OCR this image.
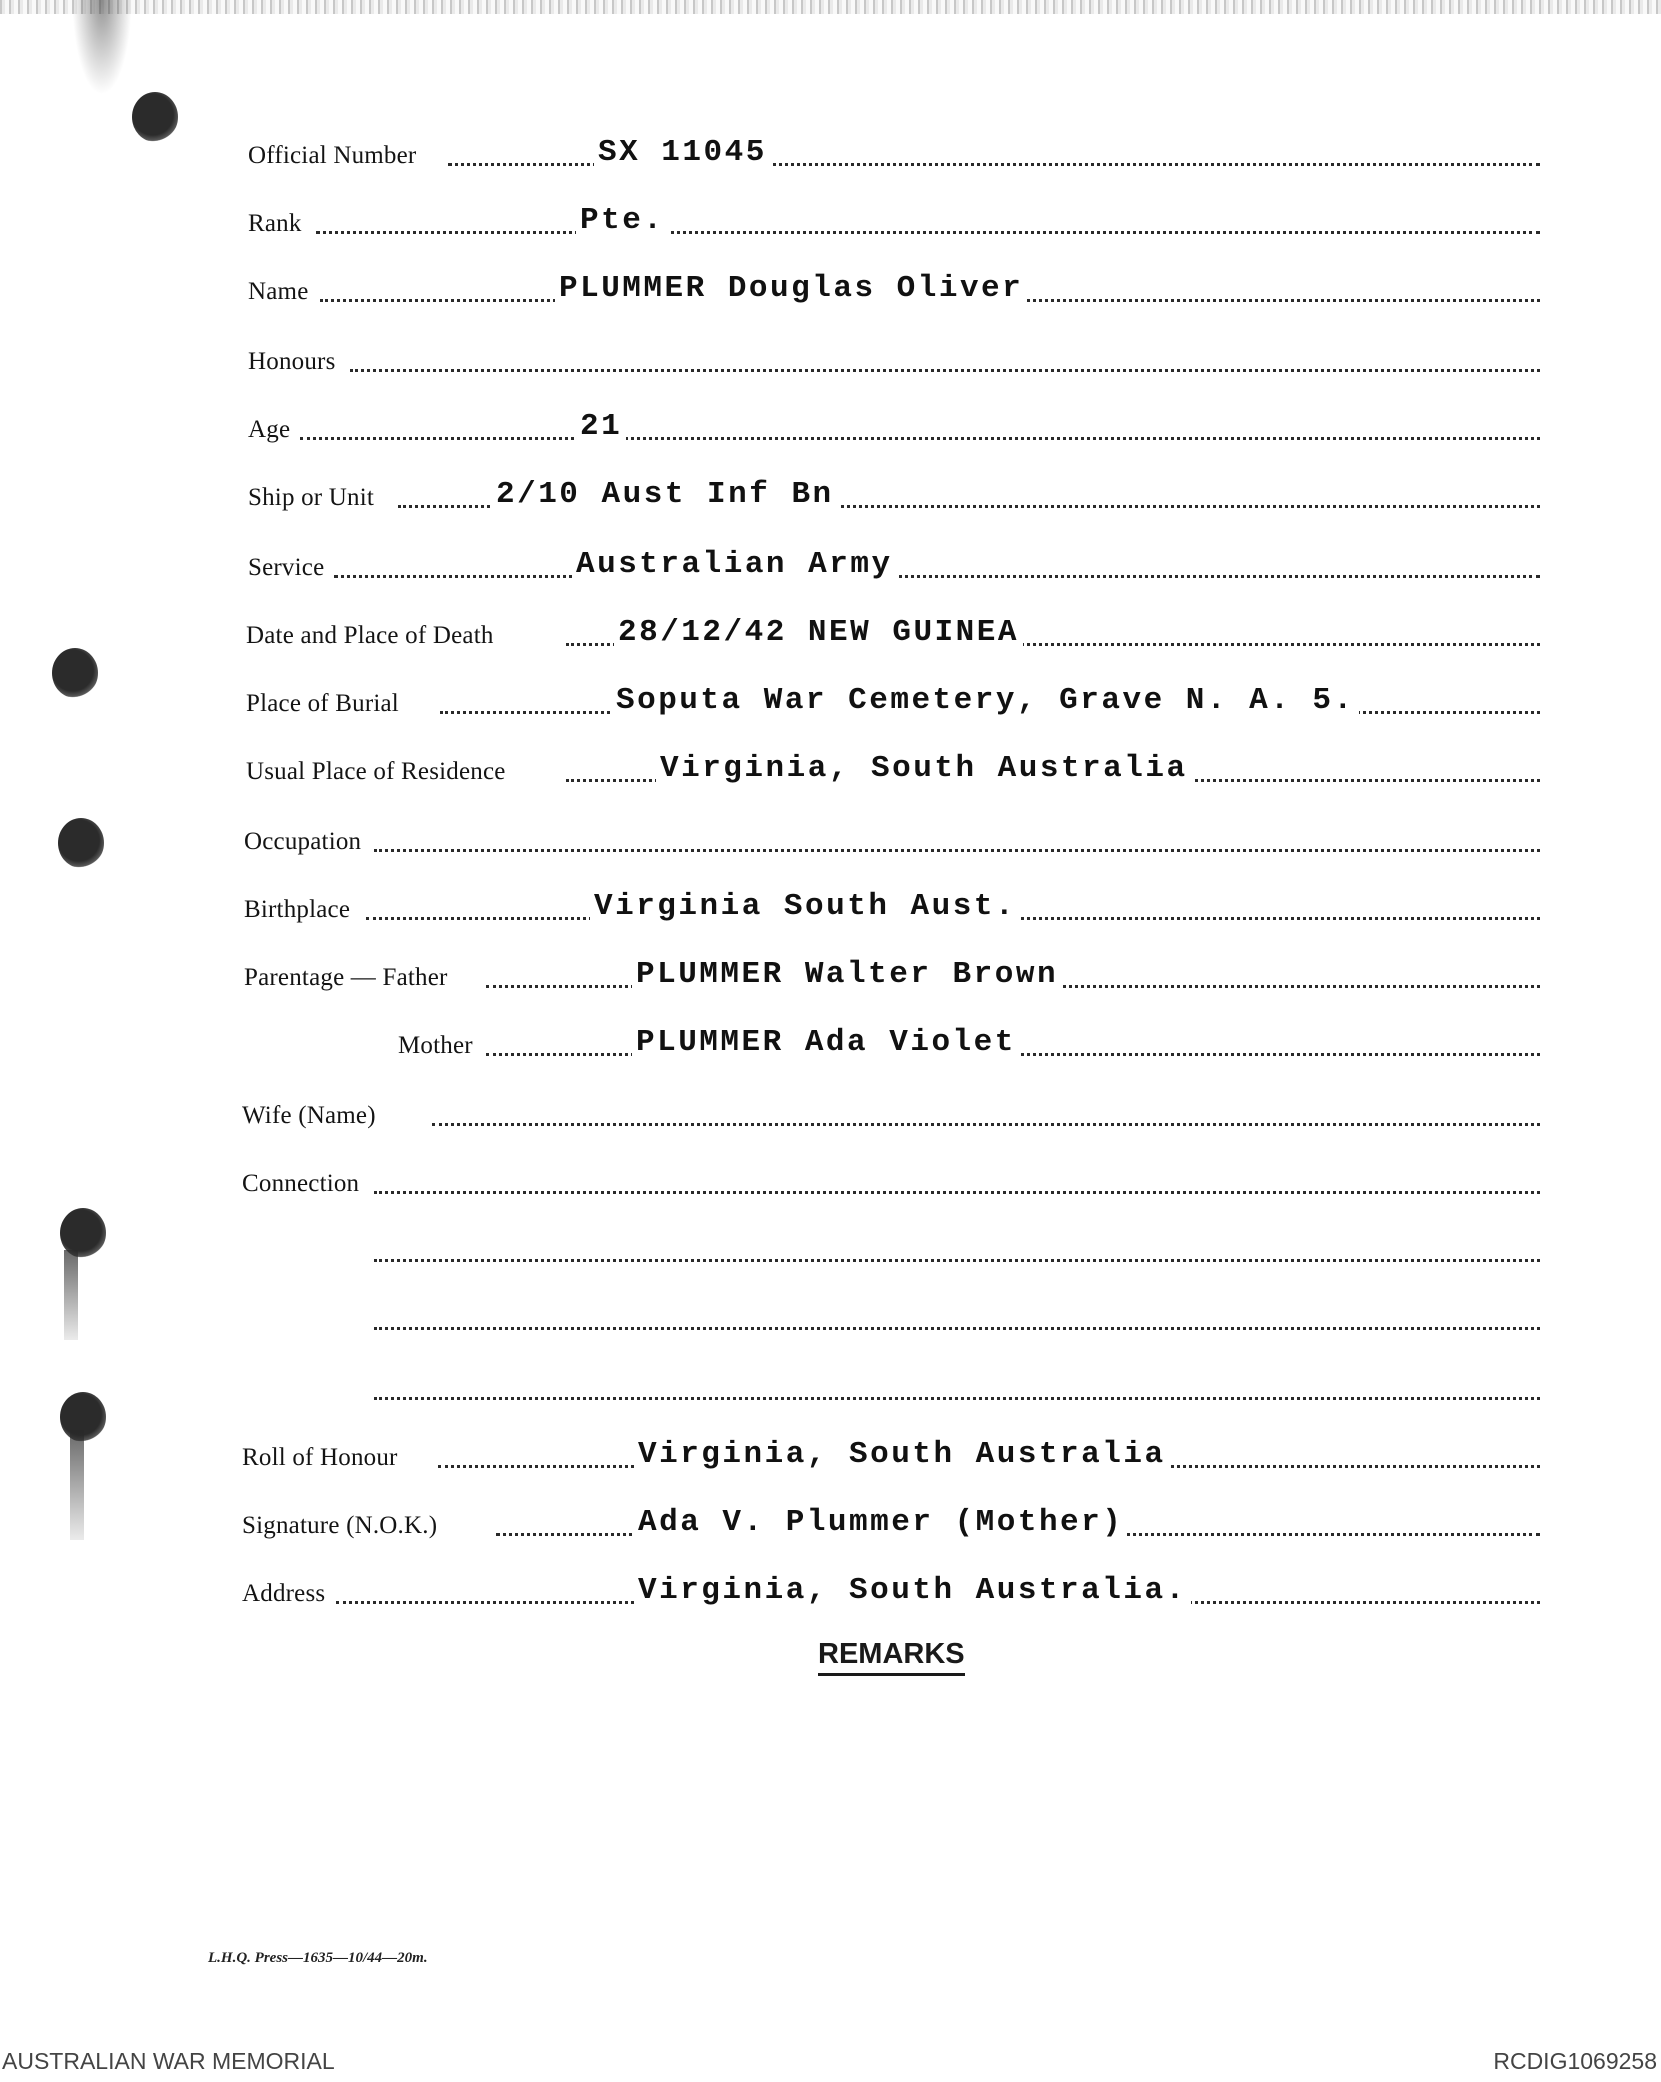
Official Number	SX 11045
Rank	Pte.
Name	PLUMMER Douglas Oliver
Honours
Age	21
Ship or Unit	2/10 Aust Inf Bn
Service	Australian Army
Date and Place of Death	28/12/42 NEW GUINEA
Place of Burial	Soputa War Cemetery, Grave N. A. 5.
Usual Place of Residence	Virginia, South Australia
Occupation
Birthplace	Virginia South Aust.
Parentage — Father	PLUMMER Walter Brown
Mother	PLUMMER Ada Violet
Wife (Name)
Connection
Roll of Honour	Virginia, South Australia
Signature (N.O.K.)	Ada V. Plummer (Mother)
Address	Virginia, South Australia.
REMARKS
L.H.Q. Press—1635—10/44—20m.
AUSTRALIAN WAR MEMORIAL	RCDIG1069258
